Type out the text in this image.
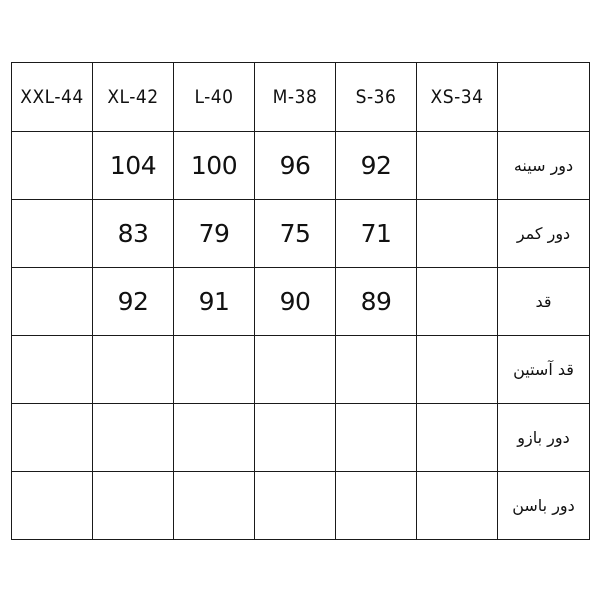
XXL-44	XL-42	L-40	M-38	S-36	XS-34	
	104	100	96	92		دور سینه
	83	79	75	71		دور کمر
	92	91	90	89		قد
						قد آستین
						دور بازو
						دور باسن
